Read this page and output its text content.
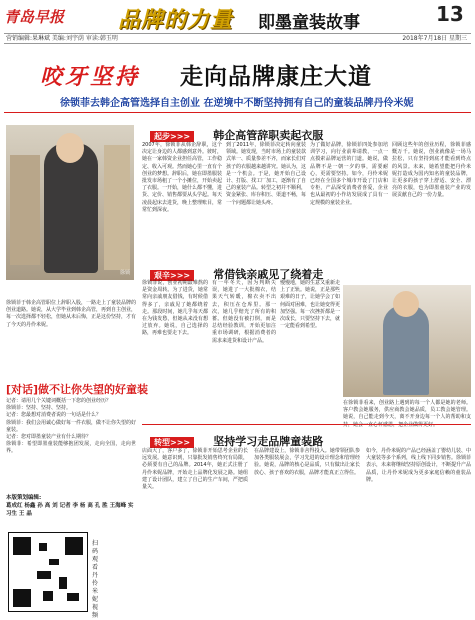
青岛早报 品牌的力量 即墨童装故事	13
营销编辑:果琳斌 美编:刘宇荫 审读:韩玉明	2018年7月18日 星期三
咬牙坚持 走向品牌康庄大道
徐锁菲去韩企高管选择自主创业 在逆境中不断坚持拥有自己的童装品牌丹伶米妮
起步>>> 韩企高管辞职卖起衣服
徐锁
徐锁菲于韩企高管职位上辞职入股，一路走上了童装品牌的创业道路。她说，从大学毕业到韩企高管，再到自主创业，每一次选择都不轻松，但她从未后悔，正是这份坚持，才有了今天的丹伶米妮。
2007年，徐锁菲从韩企辞职，这个决定让身边的人都感到意外。彼时，她在一家韩资企业担任高管，工作稳定、收入可观。然而她心里一直有个创业的梦想。辞职后，她在即墨服装批发市场租了一个小摊位，开始卖起了衣服。一开始，她什么都不懂，进货、定价、销售都要从头学起。每天凌晨起床去进货，晚上整理账目，常常忙到深夜。
到了2011年，徐锁菲决定转向童装领域。她发现，当时市场上的童装款式单一、质量参差不齐，而家长们对孩子的衣服越来越讲究。她认为，这是一个机会。于是，她开始自己设计、打版、找工厂加工，逐渐有了自己的童装产品。转型之初并不顺利，资金紧张、库存积压、渠道不畅，每一个问题都让她头疼。
为了做好品牌，徐锁菲四处参加培训学习，向行业前辈请教，一点一点摸索品牌运营的门道。她说，做品牌不是一朝一夕的事，需要耐心，更需要坚持。如今，丹伶米妮已经在全国多个城市开设了门店和专柜，产品深受消费者喜爱，企业也从最初的小作坊发展成了具有一定规模的童装企业。
回顾这些年的创业历程，徐锁菲感慨万千。她说，创业就像是一场马拉松，只有坚持到底才能看到终点的风景。未来，她希望能把丹伶米妮打造成为国内知名的童装品牌，让更多的孩子穿上舒适、安全、漂亮的衣服，也为即墨童装产业的发展贡献自己的一份力量。
艰辛>>> 常借钱亲戚见了绕着走
徐锁菲说，创业初期最难熬的是资金周转。为了进货，她常常向亲戚朋友借钱，有时候借得多了，亲戚见了她都绕着走。那段时间，她几乎每天都在为钱发愁，但她从来没有想过放弃。她说，自己选择的路，再难也要走下去。
有一年冬天，因为判断失误，她进了一大批棉衣，结果天气转暖，棉衣卖不出去，积压在仓库里。那一次，她几乎赔光了所有的积蓄。但她没有被打倒，而是总结经验教训，开始更加注重市场调研，根据消费者的需求来进货和设计产品。
慢慢地，她的生意又重新走上了正轨。她说，正是那些艰难的日子，让她学会了如何面对困难，也让她变得更加坚强。每一次挫折都是一次成长，只要坚持下去，就一定能看到希望。
在徐锁菲看来，创业路上遇到的每一个人都是她的老师。客户教会她服务，供应商教会她品质，员工教会她管理。她说，自己能走到今天，离不开身边每一个人的帮助和支
转型>>> 坚持学习走品牌童装路
店面大了，客户多了，徐锁菲开始思考企业的长远发展。她意识到，只靠批发销售终究有局限，必须要有自己的品牌。2014年，她正式注册了丹伶米妮品牌，开始走上品牌化发展之路。她组建了设计团队，建立了自己的生产车间，严把质量关。
在品牌建设上，徐锁菲舍得投入。她带领团队参加各类服装展会，学习先进的设计理念和管理经验。她说，品牌的核心是品质，只有做出让家长放心、孩子喜欢的衣服，品牌才能真正立得住。
如今，丹伶米妮的产品已经涵盖了婴幼儿装、中大童装等多个系列，线上线下同步销售。徐锁菲表示，未来将继续坚持原创设计，不断提升产品品质，让丹伶米妮成为更多家庭信赖的童装品牌。
[对话]做不让你失望的好童装
记者：请用几个关键词概括一下您的创业经历？
徐锁菲：坚持、坚持、坚持。
记者：您最想对消费者说的一句话是什么？
徐锁菲：我们会用诚心做好每一件衣服，做不让你失望的好童装。
记者：您对即墨童装产业有什么期待？
徐锁菲：希望即墨童装能够抱团发展，走向全国，走向世界。
本版策划编辑:
葛成红 杨鑫 孙 高 刘 记者 李 杨 高 孔 胜 王海峰 实习生 王 晶
扫码观看丹伶米妮视频
